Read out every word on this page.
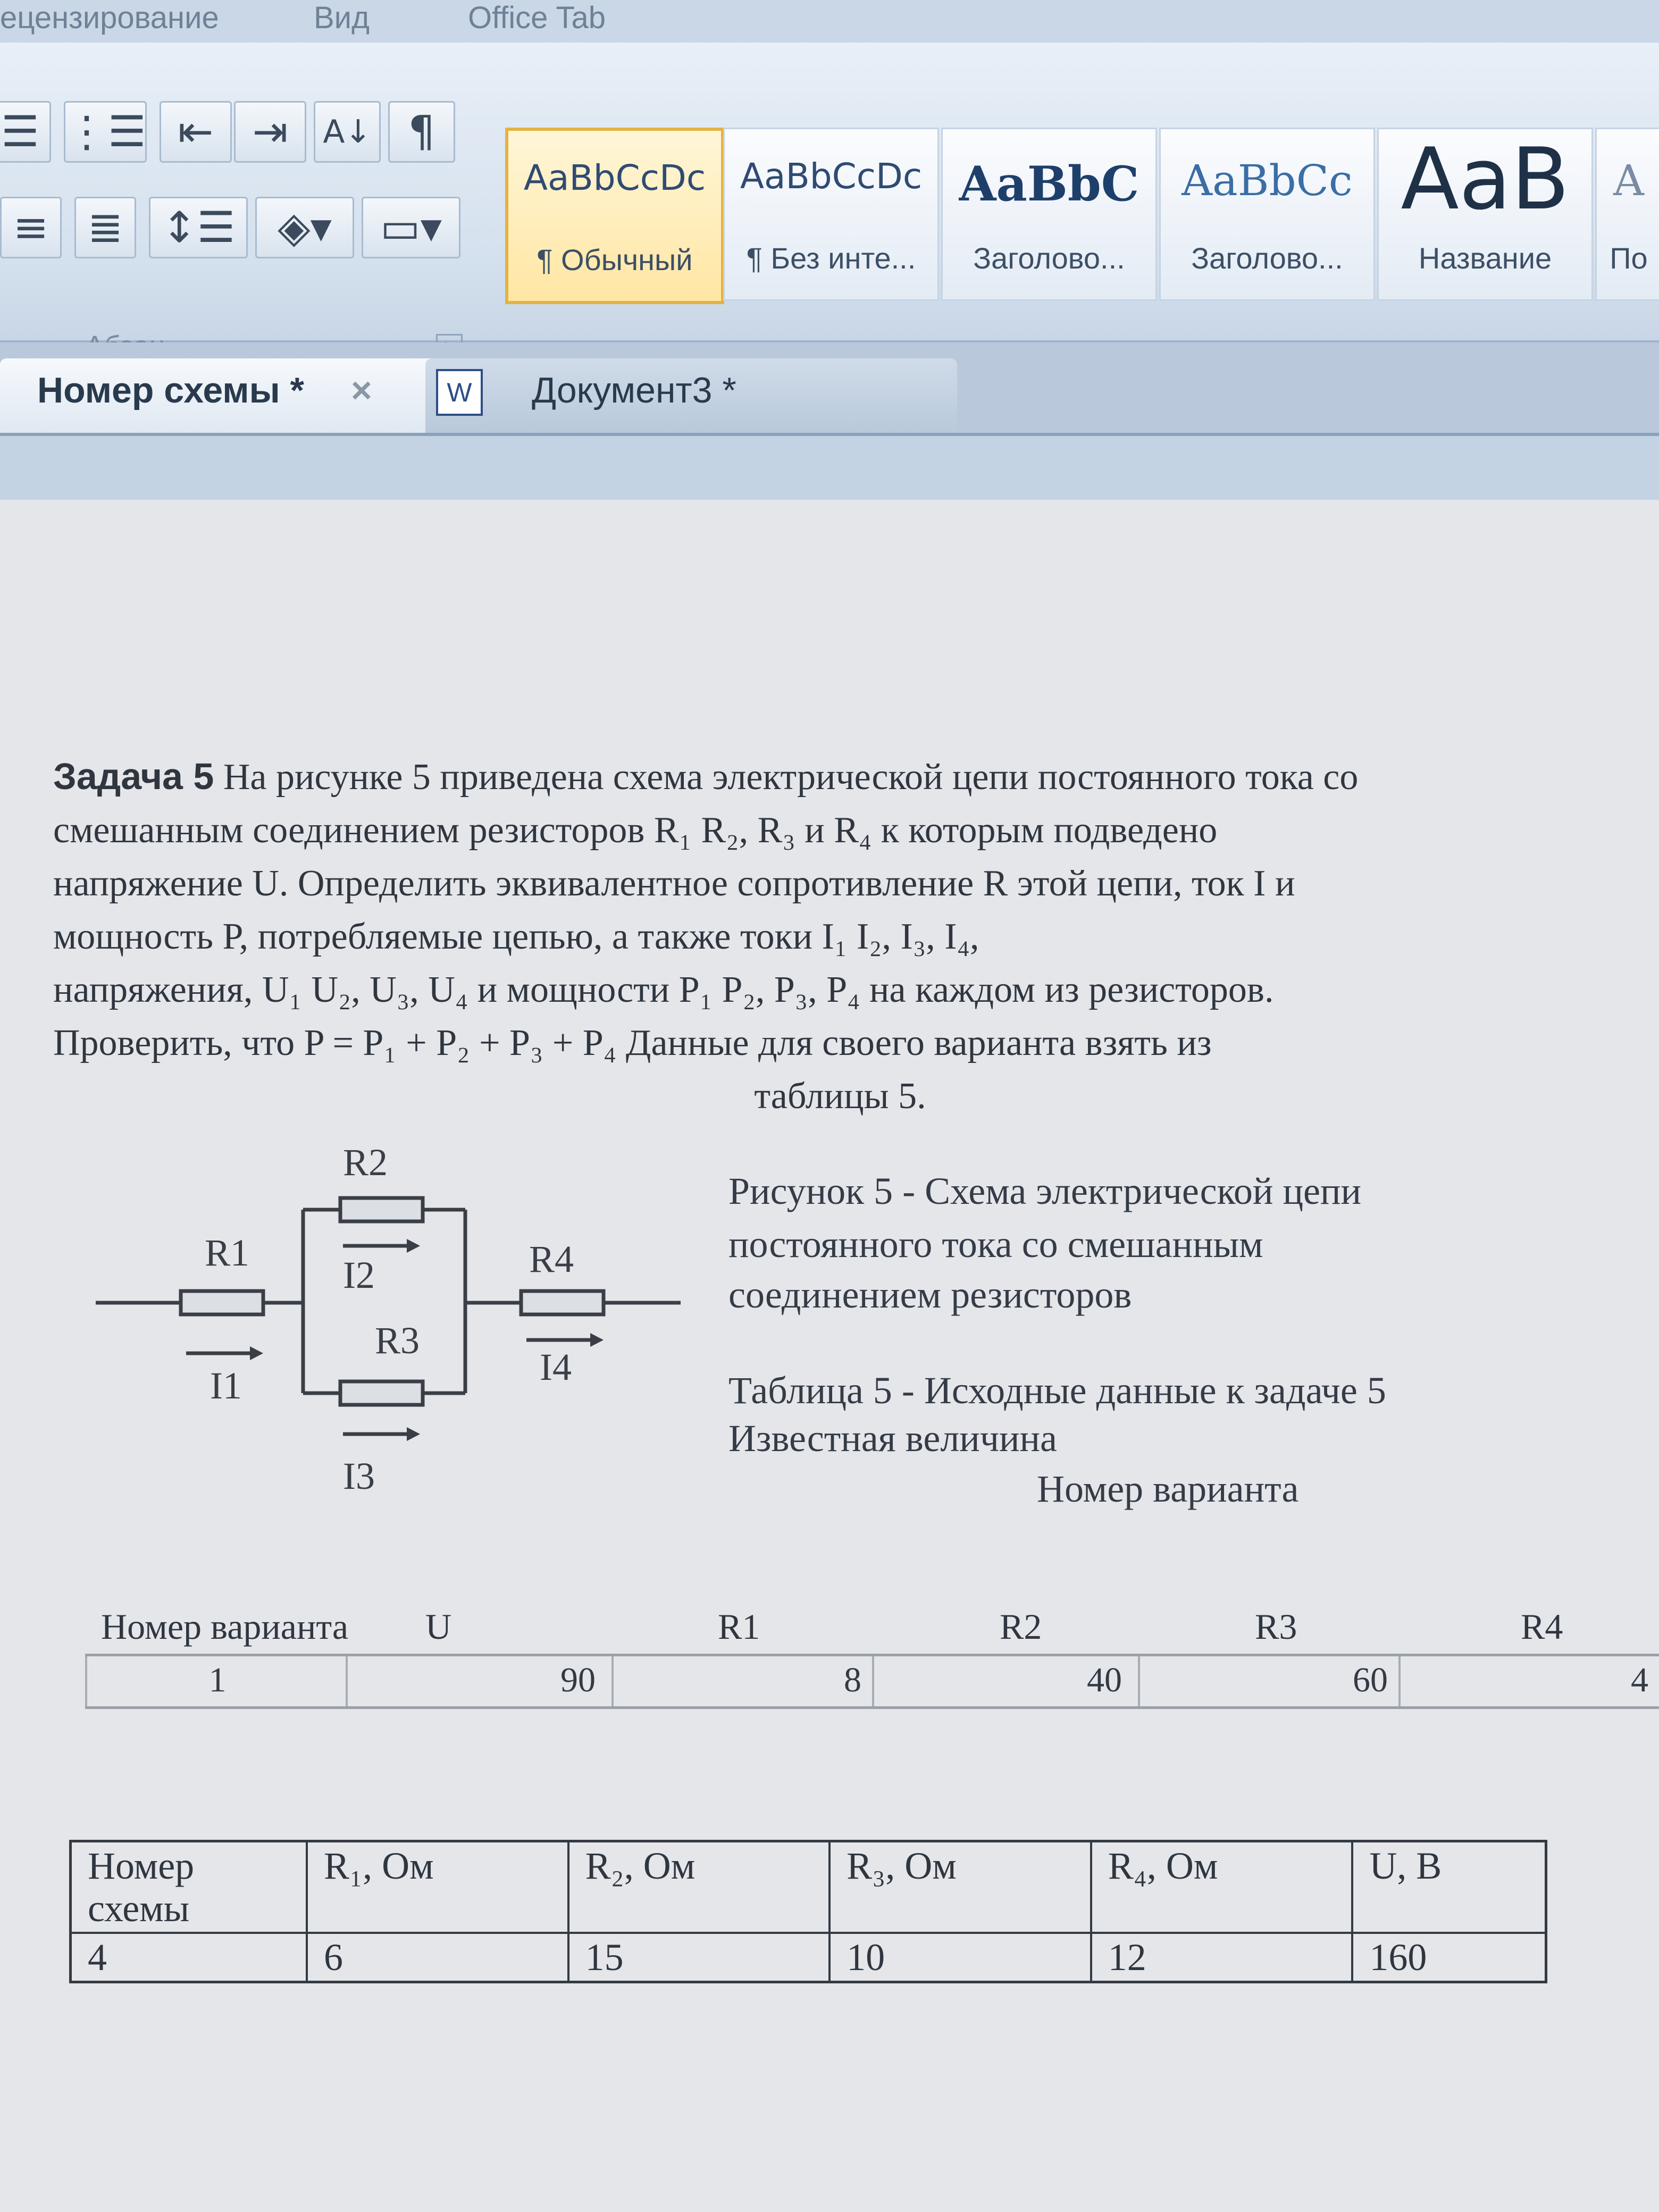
ецензирование	Вид	Office Tab
☰ ⋮☰ ⇤ ⇥	А↓ ¶
≡ ≣ ↕☰ ◈▾	▭▾
АаBbCcDc
¶ Обычный
АаBbCcDc
¶ Без инте...
AaBbC
Заголово...
AaBbCc
Заголово...
АаВ
Название
А
По
Номер схемы * ×	W	Документ3 *
Задача 5 На рисунке 5 приведена схема электрической цепи постоянного тока со
смешанным соединением резисторов R₁ R₂, R₃ и R₄ к которым подведено
напряжение U. Определить эквивалентное сопротивление R этой цепи, ток I и
мощность P, потребляемые цепью, а также токи I₁ I₂, I₃, I₄,
напряжения, U₁ U₂, U₃, U₄ и мощности P₁ P₂, P₃, P₄ на каждом из резисторов.
Проверить, что P = P₁ + P₂ + P₃ + P₄ Данные для своего варианта взять из
таблицы 5.
R2
R1
I2	R4
R3
I1	I4
I3
Рисунок 5 - Схема электрической цепи
постоянного тока со смешанным
соединением резисторов
Таблица 5 - Исходные данные к задаче 5
Известная величина
Номер варианта
Номер варианта U	R1	R2	R3	R4
1	90	8	40	60	4
Номер схемы	R₁, Ом	R₂, Ом	R₃, Ом	R₄, Ом	U, В
4	6	15	10	12	160
